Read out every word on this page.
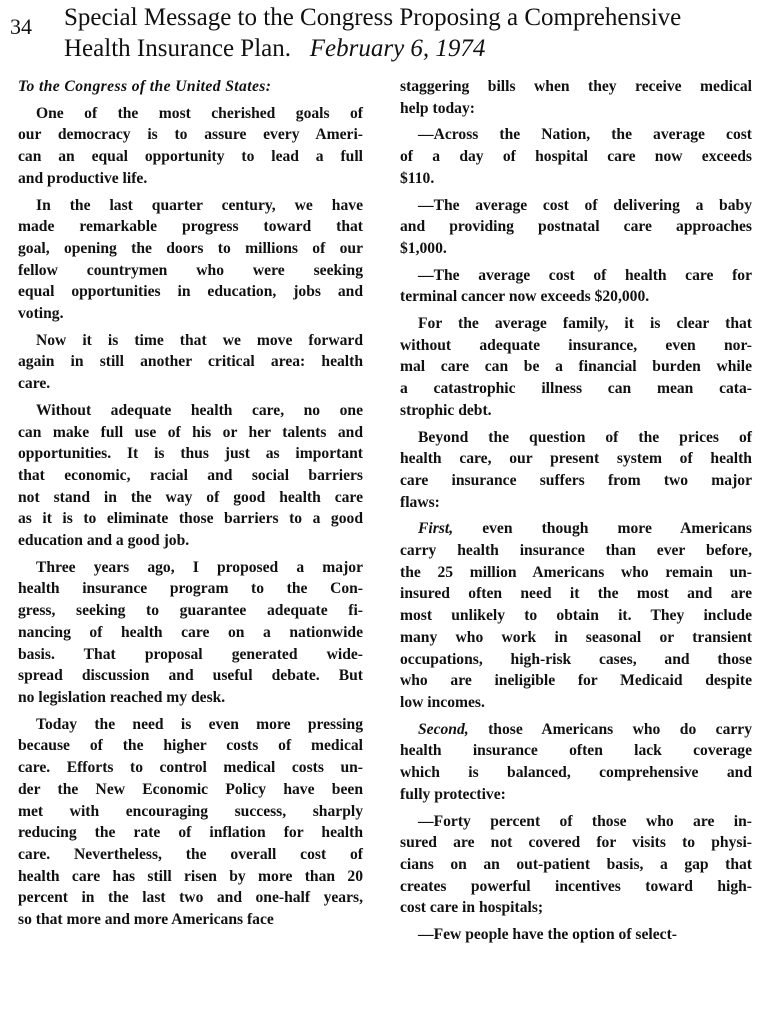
34 Special Message to the Congress Proposing a Comprehensive
Health Insurance Plan. February 6, 1974

To the Congress of the United States:

One of the most cherished goals of
our democracy is to assure every Ameri-
can an equal opportunity to lead a full
and productive life.

In the last quarter century, we have
made remarkable progress toward that
goal, opening the doors to millions of our
fellow countrymen who were seeking
equal opportunities in education, jobs and
voting.

Now it is time that we move forward
again in still another critical area: health
care.

Without adequate health care, no one
can make full use of his or her talents and
opportunities. It is thus just as important
that economic, racial and social barriers
not stand in the way of good health care
as it is to eliminate those barriers to a good
education and a good job.

Three years ago, I proposed a major
health insurance program to the Con-
gress, seeking to guarantee adequate fi-
nancing of health care on a nationwide
basis. That proposal generated wide-
spread discussion and useful debate. But
no legislation reached my desk.

Today the need is even more pressing
because of the higher costs of medical
care. Efforts to control medical costs un-
der the New Economic Policy have been
met with encouraging success, sharply
reducing the rate of inflation for health
care. Nevertheless, the overall cost of
health care has still risen by more than 20
percent in the last two and one-half years,
so that more and more Americans face

staggering bills when they receive medical
help today:

—Across the Nation, the average cost
of a day of hospital care now exceeds
$110.

—The average cost of delivering a baby
and providing postnatal care approaches
$1,000.

—The average cost of health care for
terminal cancer now exceeds $20,000.

For the average family, it is clear that
without adequate insurance, even nor-
mal care can be a financial burden while
a catastrophic illness can mean cata-
strophic debt.

Beyond the question of the prices of
health care, our present system of health
care insurance suffers from two major
flaws:

First, even though more Americans
carry health insurance than ever before,
the 25 million Americans who remain un-
insured often need it the most and are
most unlikely to obtain it. They include
many who work in seasonal or transient
occupations, high-risk cases, and those
who are ineligible for Medicaid despite
low incomes.

Second, those Americans who do carry
health insurance often lack coverage
which is balanced, comprehensive and
fully protective:

—Forty percent of those who are in-
sured are not covered for visits to physi-
cians on an out-patient basis, a gap that
creates powerful incentives toward high-
cost care in hospitals;

—Few people have the option of select-
